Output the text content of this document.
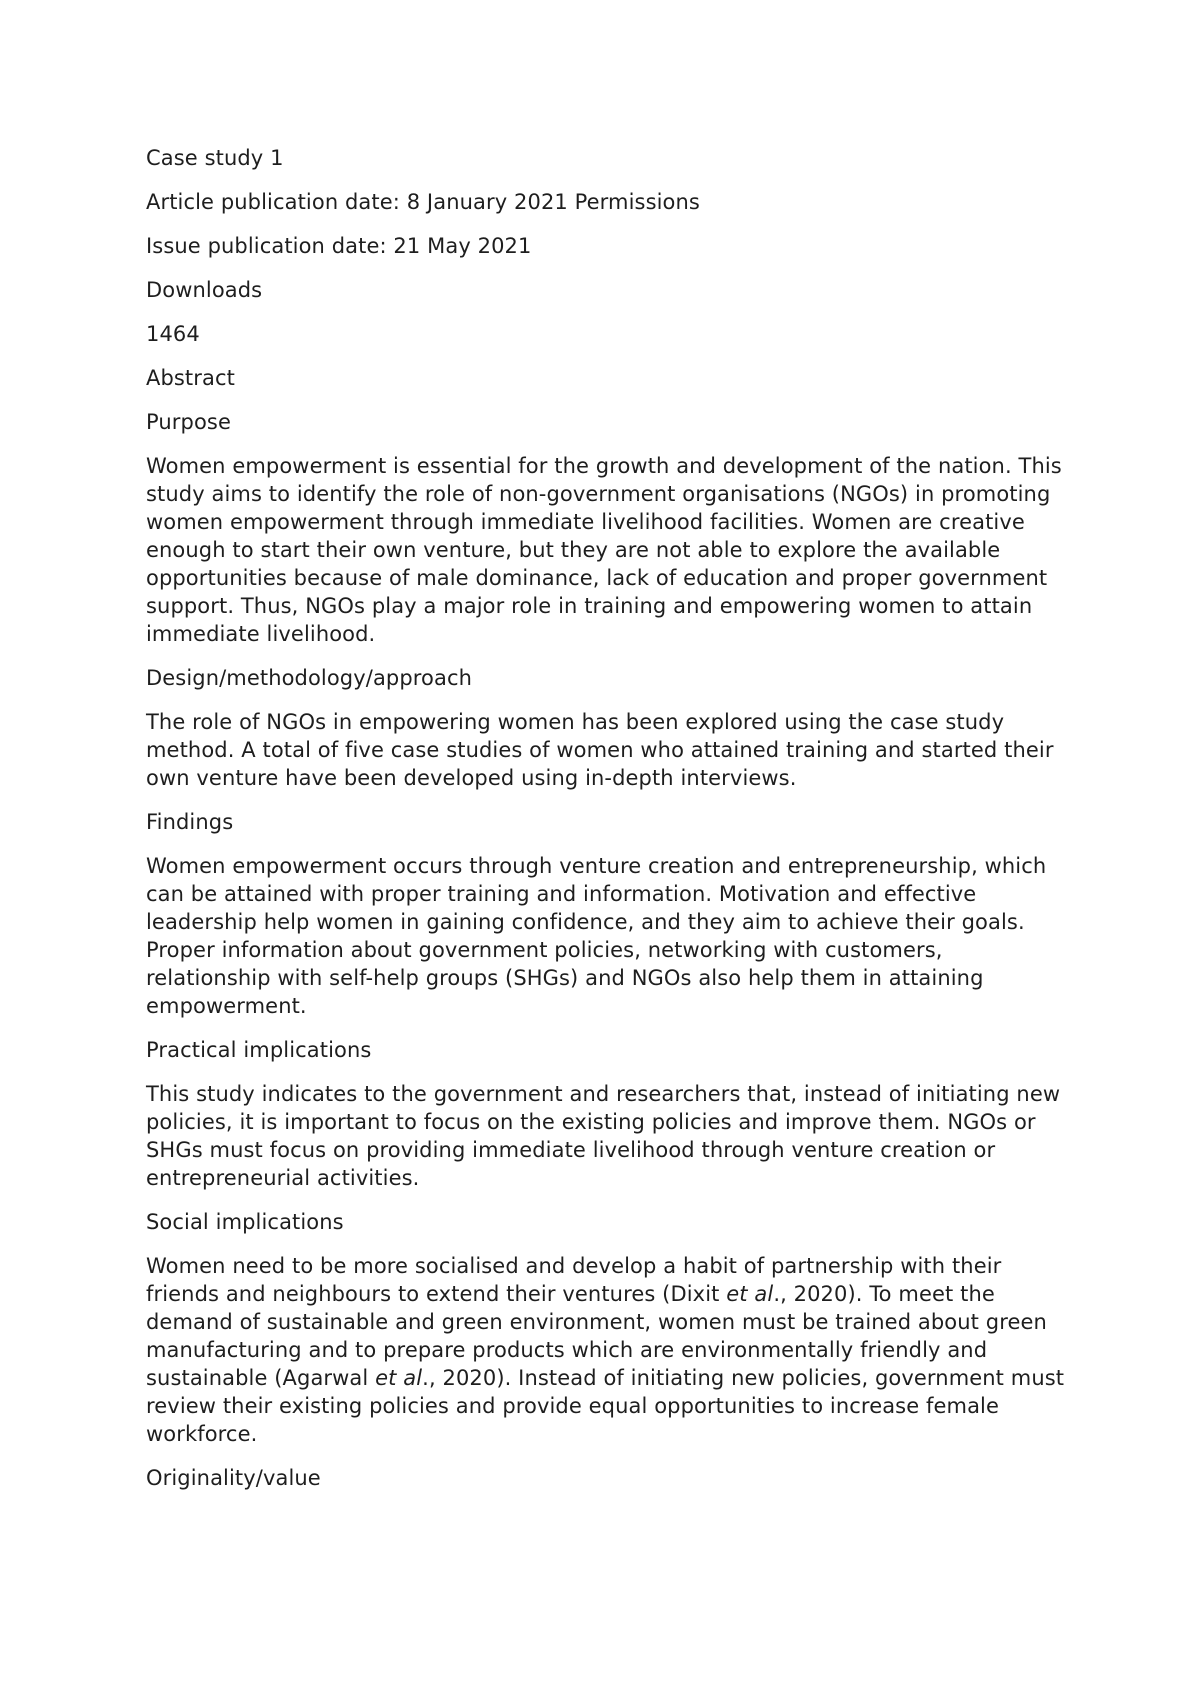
Case study 1

Article publication date: 8 January 2021 Permissions

Issue publication date: 21 May 2021

Downloads

1464

Abstract

Purpose

Women empowerment is essential for the growth and development of the nation. This study aims to identify the role of non-government organisations (NGOs) in promoting women empowerment through immediate livelihood facilities. Women are creative enough to start their own venture, but they are not able to explore the available opportunities because of male dominance, lack of education and proper government support. Thus, NGOs play a major role in training and empowering women to attain immediate livelihood.

Design/methodology/approach

The role of NGOs in empowering women has been explored using the case study method. A total of five case studies of women who attained training and started their own venture have been developed using in-depth interviews.

Findings

Women empowerment occurs through venture creation and entrepreneurship, which can be attained with proper training and information. Motivation and effective leadership help women in gaining confidence, and they aim to achieve their goals. Proper information about government policies, networking with customers, relationship with self-help groups (SHGs) and NGOs also help them in attaining empowerment.

Practical implications

This study indicates to the government and researchers that, instead of initiating new policies, it is important to focus on the existing policies and improve them. NGOs or SHGs must focus on providing immediate livelihood through venture creation or entrepreneurial activities.

Social implications

Women need to be more socialised and develop a habit of partnership with their friends and neighbours to extend their ventures (Dixit et al., 2020). To meet the demand of sustainable and green environment, women must be trained about green manufacturing and to prepare products which are environmentally friendly and sustainable (Agarwal et al., 2020). Instead of initiating new policies, government must review their existing policies and provide equal opportunities to increase female workforce.

Originality/value
